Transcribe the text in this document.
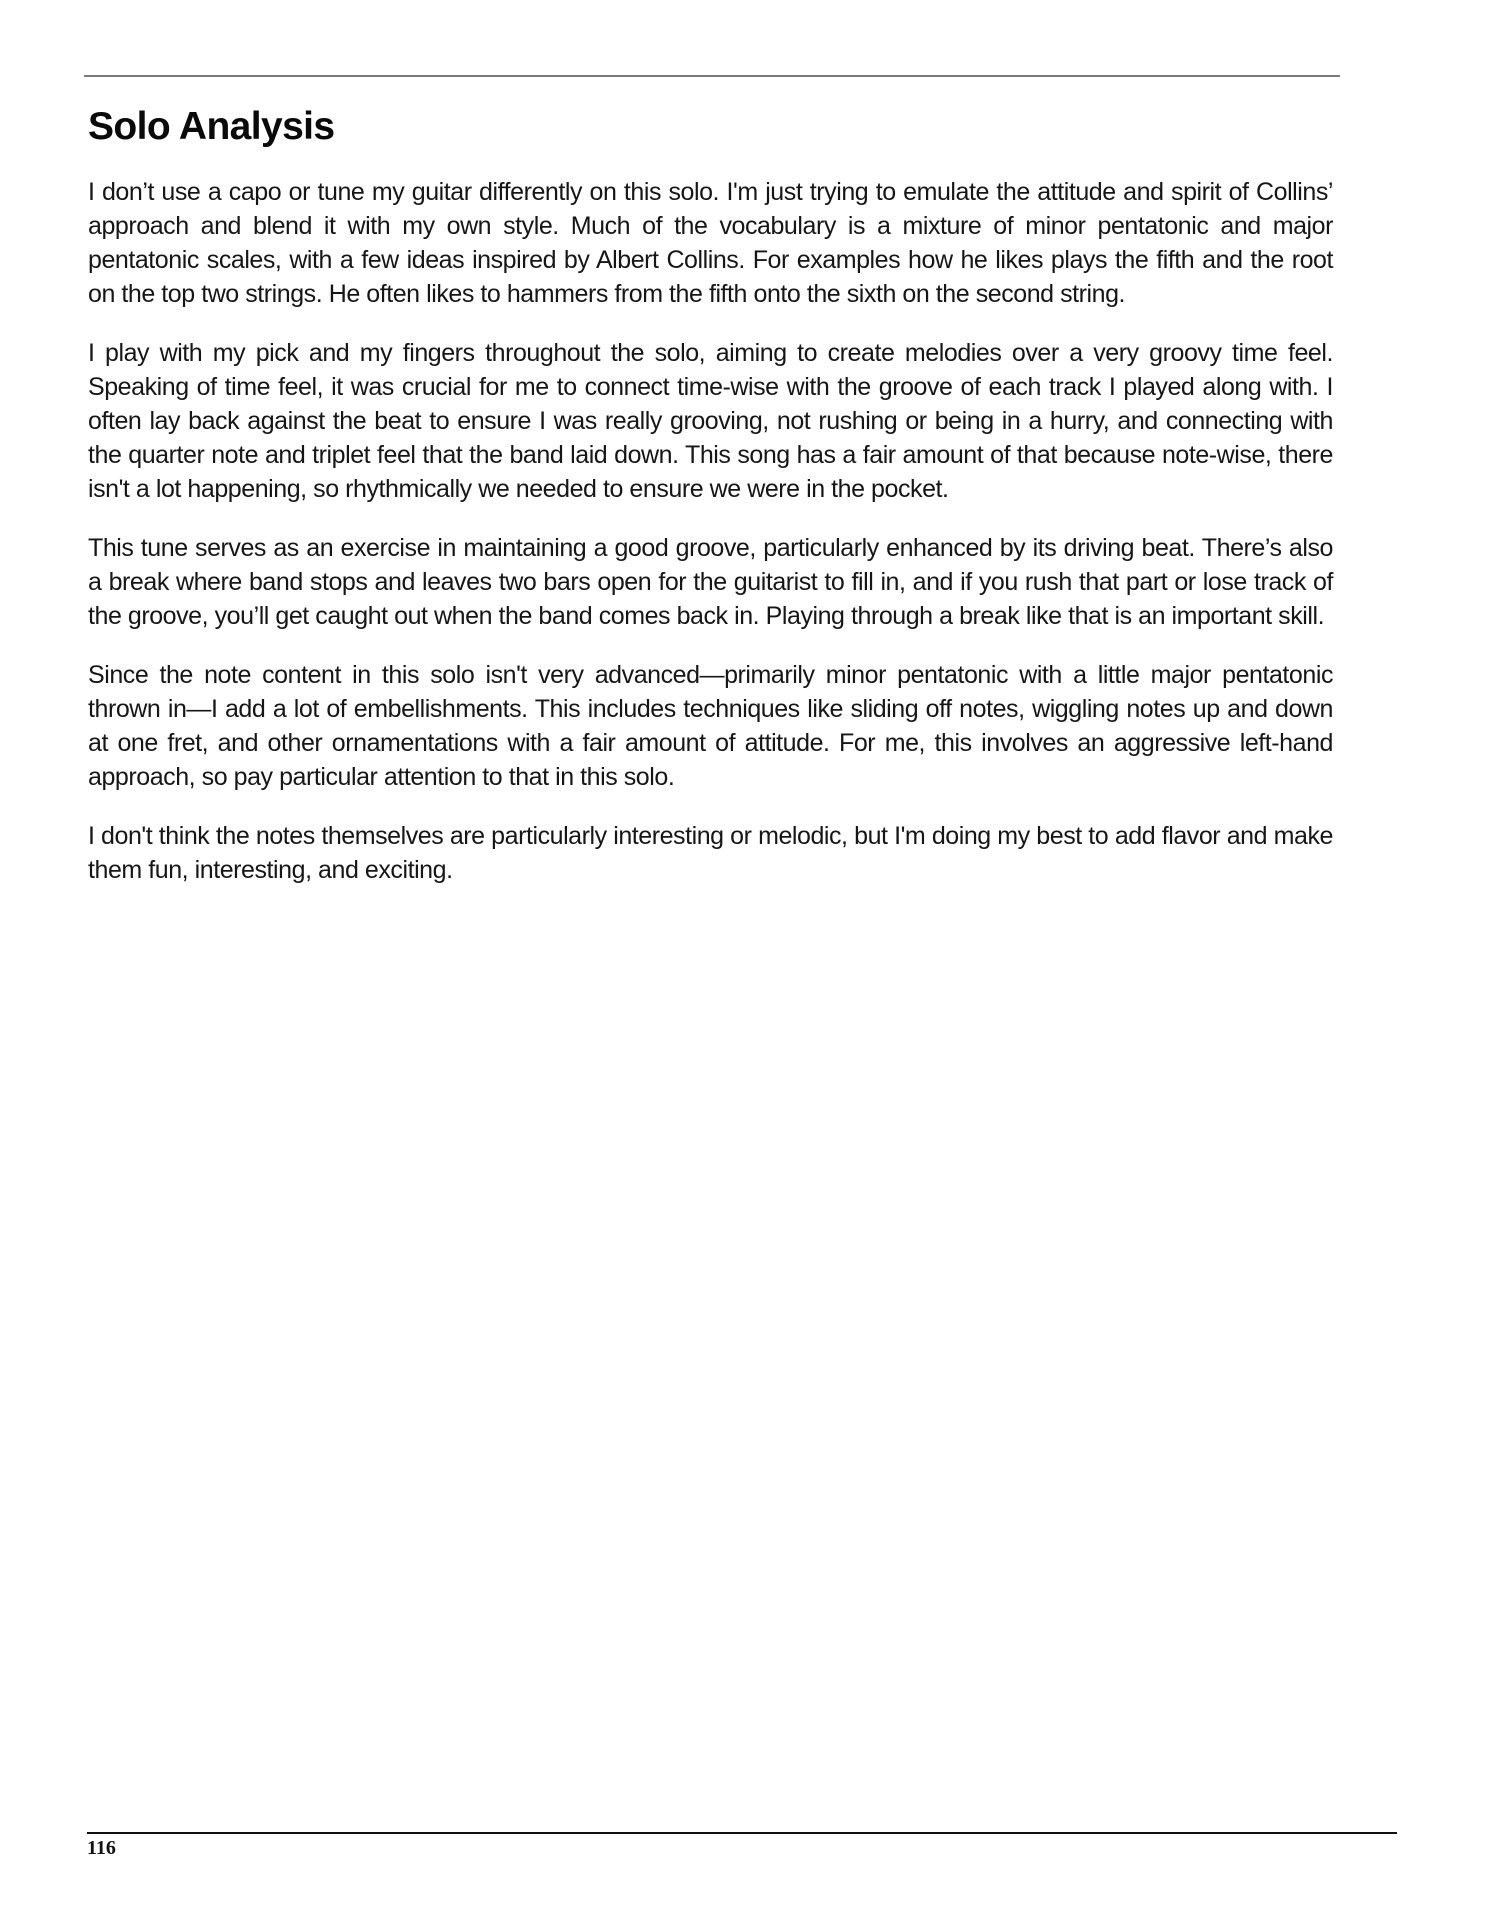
Solo Analysis

I don’t use a capo or tune my guitar differently on this solo. I'm just trying to emulate the attitude and spirit of Collins’ approach and blend it with my own style. Much of the vocabulary is a mixture of minor pentatonic and major pentatonic scales, with a few ideas inspired by Albert Collins. For examples how he likes plays the fifth and the root on the top two strings. He often likes to hammers from the fifth onto the sixth on the second string.

I play with my pick and my fingers throughout the solo, aiming to create melodies over a very groovy time feel. Speaking of time feel, it was crucial for me to connect time-wise with the groove of each track I played along with. I often lay back against the beat to ensure I was really grooving, not rushing or being in a hurry, and connecting with the quarter note and triplet feel that the band laid down. This song has a fair amount of that because note-wise, there isn't a lot happening, so rhythmically we needed to ensure we were in the pocket.

This tune serves as an exercise in maintaining a good groove, particularly enhanced by its driving beat. There’s also a break where band stops and leaves two bars open for the guitarist to fill in, and if you rush that part or lose track of the groove, you’ll get caught out when the band comes back in. Playing through a break like that is an important skill.

Since the note content in this solo isn't very advanced—primarily minor pentatonic with a little major pentatonic thrown in—I add a lot of embellishments. This includes techniques like sliding off notes, wiggling notes up and down at one fret, and other ornamentations with a fair amount of attitude. For me, this involves an aggressive left-hand approach, so pay particular attention to that in this solo.

I don't think the notes themselves are particularly interesting or melodic, but I'm doing my best to add flavor and make them fun, interesting, and exciting.

116
